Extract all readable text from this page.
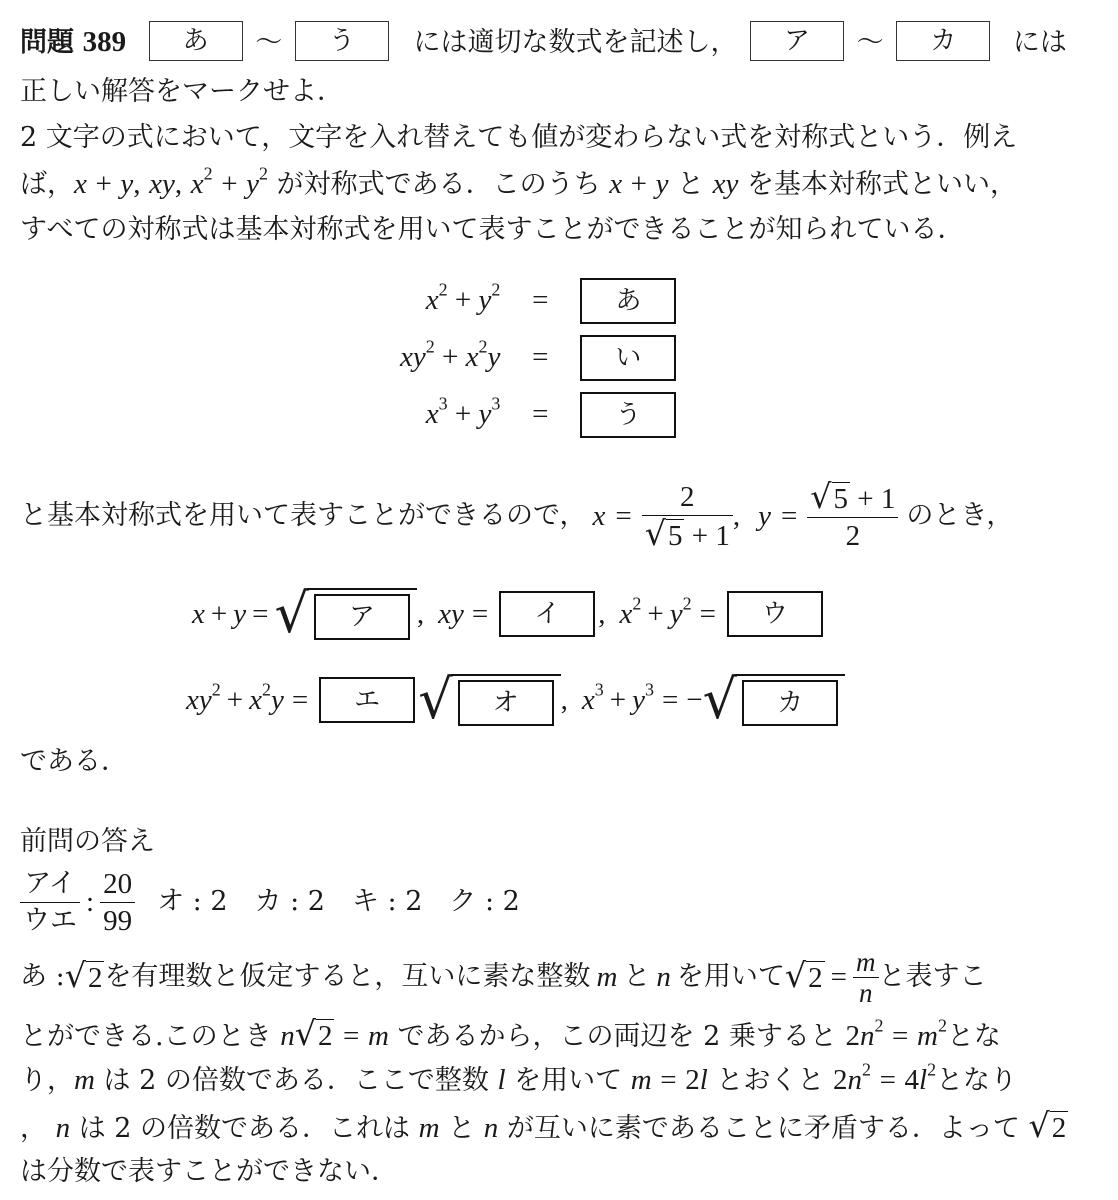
問題 389 あ 〜 う には適切な数式を記述し， ア 〜 カ には
正しい解答をマークせよ．
2 文字の式において，文字を入れ替えても値が変わらない式を対称式という．例え
ば，x + y, xy, $x^2 + y^2$ が対称式である．このうち x + y と xy を基本対称式といい，
すべての対称式は基本対称式を用いて表すことができることが知られている．
$x^2 + y^2$	=	あ
$xy^2 + x^2y$	=	い
$x^3 + y^3$	=	う
と基本対称式を用いて表すことができるので， $x = \frac{2}{√5 + 1}$ , $y = \frac{√5 + 1}{2}$ のとき，
x + y = √	ア	, xy =	イ	, $x^2 + y^2$ =	ウ
$xy^2 + x^2y$ =	エ √	オ	, $x^3 + y^3$ = − √	カ
である．
前問の答え
$\frac{\text{アイ}}{\text{ウエ}}$ : $\frac{20}{99}$ オ : 2　カ : 2　キ : 2　ク : 2
あ : √2 を有理数と仮定すると，互いに素な整数 m と n を用いて $√2 = \frac{m}{n}$ と表すこ
とができる.このとき n√2 = m であるから，この両辺を 2 乗すると $2n^2 = m^2$とな
り，m は 2 の倍数である．ここで整数 l を用いて m = 2l とおくと $2n^2 = 4l^2$となり
， n は 2 の倍数である．これは m と n が互いに素であることに矛盾する．よって √2
は分数で表すことができない．
